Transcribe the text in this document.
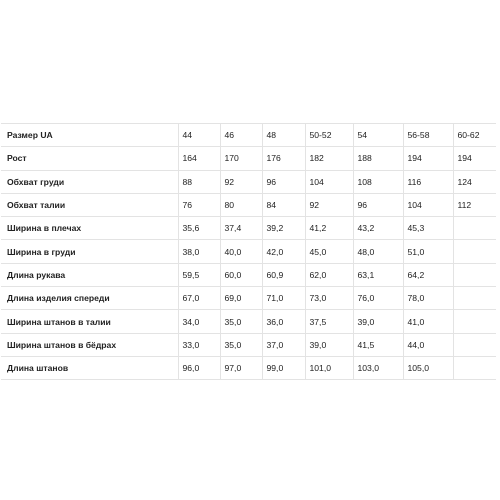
Размер UA	44	46	48	50-52	54	56-58	60-62
Рост	164	170	176	182	188	194	194
Обхват груди	88	92	96	104	108	116	124
Обхват талии	76	80	84	92	96	104	112
Ширина в плечах	35,6	37,4	39,2	41,2	43,2	45,3	
Ширина в груди	38,0	40,0	42,0	45,0	48,0	51,0	
Длина рукава	59,5	60,0	60,9	62,0	63,1	64,2	
Длина изделия спереди	67,0	69,0	71,0	73,0	76,0	78,0	
Ширина штанов в талии	34,0	35,0	36,0	37,5	39,0	41,0	
Ширина штанов в бёдрах	33,0	35,0	37,0	39,0	41,5	44,0	
Длина штанов	96,0	97,0	99,0	101,0	103,0	105,0	
